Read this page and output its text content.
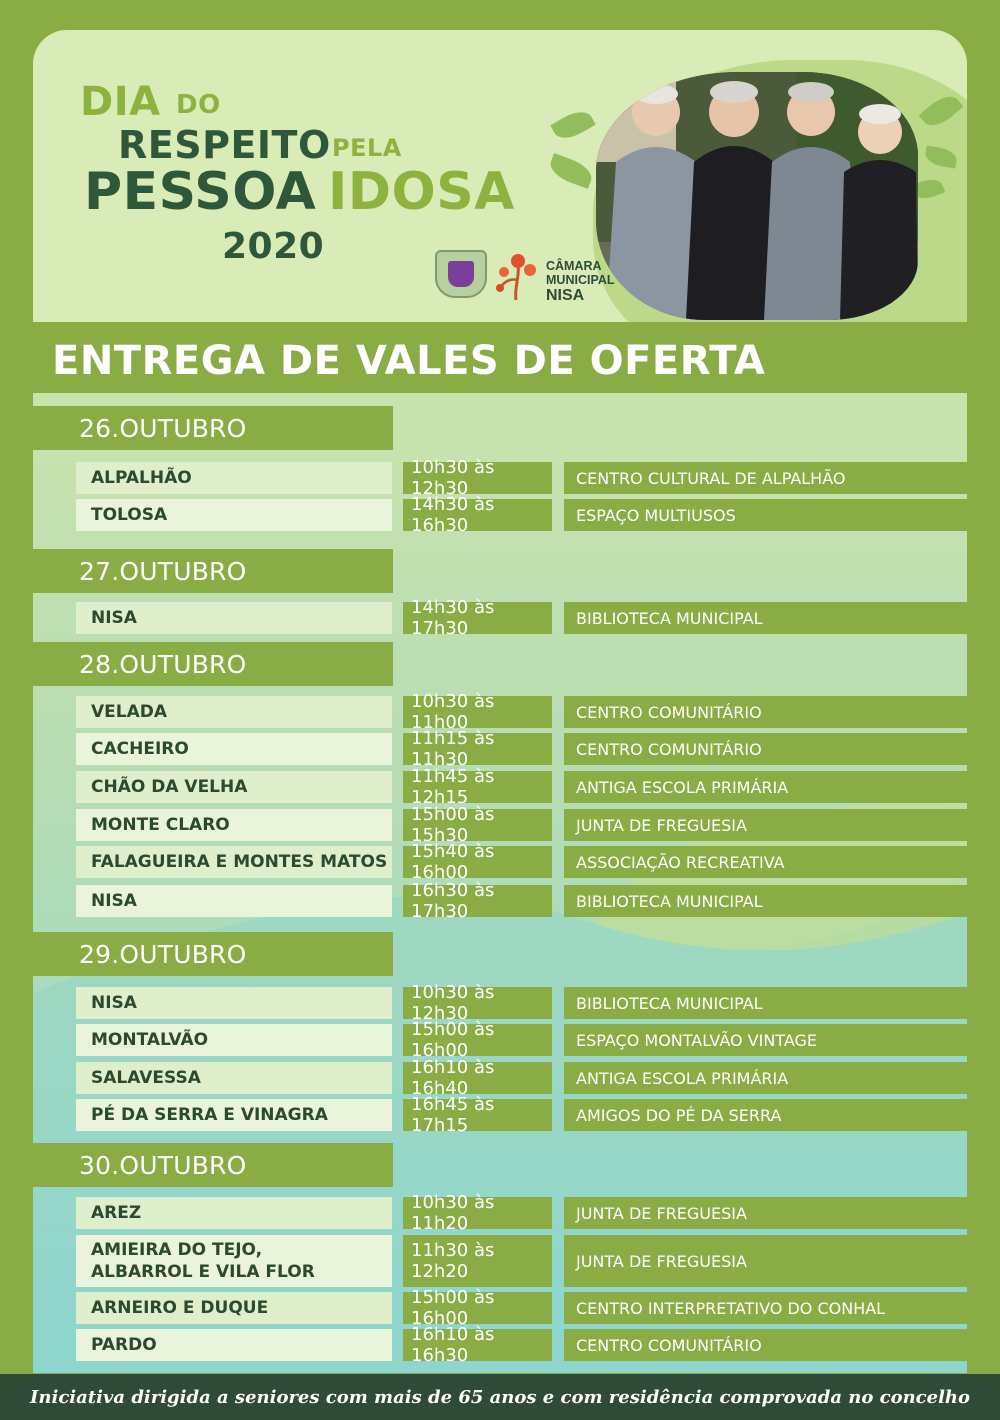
DIA DO
RESPEITO PELA
PESSOA IDOSA
2020	CÂMARA
MUNICIPAL
NISA
ENTREGA DE VALES DE OFERTA
26.OUTUBRO
ALPALHÃO	10h30 às 12h30	CENTRO CULTURAL DE ALPALHÃO
TOLOSA	14h30 às 16h30	ESPAÇO MULTIUSOS
27.OUTUBRO
NISA	14h30 às 17h30	BIBLIOTECA MUNICIPAL
28.OUTUBRO
VELADA	10h30 às 11h00	CENTRO COMUNITÁRIO
CACHEIRO	11h15 às 11h30	CENTRO COMUNITÁRIO
CHÃO DA VELHA	11h45 às 12h15	ANTIGA ESCOLA PRIMÁRIA
MONTE CLARO	15h00 às 15h30	JUNTA DE FREGUESIA
FALAGUEIRA E MONTES MATOS 15h40 às 16h00	ASSOCIAÇÃO RECREATIVA
NISA	16h30 às 17h30	BIBLIOTECA MUNICIPAL
29.OUTUBRO
NISA	10h30 às 12h30	BIBLIOTECA MUNICIPAL
MONTALVÃO	15h00 às 16h00	ESPAÇO MONTALVÃO VINTAGE
SALAVESSA	16h10 às 16h40	ANTIGA ESCOLA PRIMÁRIA
PÉ DA SERRA E VINAGRA	16h45 às 17h15	AMIGOS DO PÉ DA SERRA
30.OUTUBRO
AREZ	10h30 às 11h20	JUNTA DE FREGUESIA
AMIEIRA DO TEJO,
ALBARROL E VILA FLOR
11h30 às 12h20	JUNTA DE FREGUESIA
ARNEIRO E DUQUE	15h00 às 16h00	CENTRO INTERPRETATIVO DO CONHAL
PARDO	16h10 às 16h30	CENTRO COMUNITÁRIO
Iniciativa dirigida a seniores com mais de 65 anos e com residência comprovada no concelho
